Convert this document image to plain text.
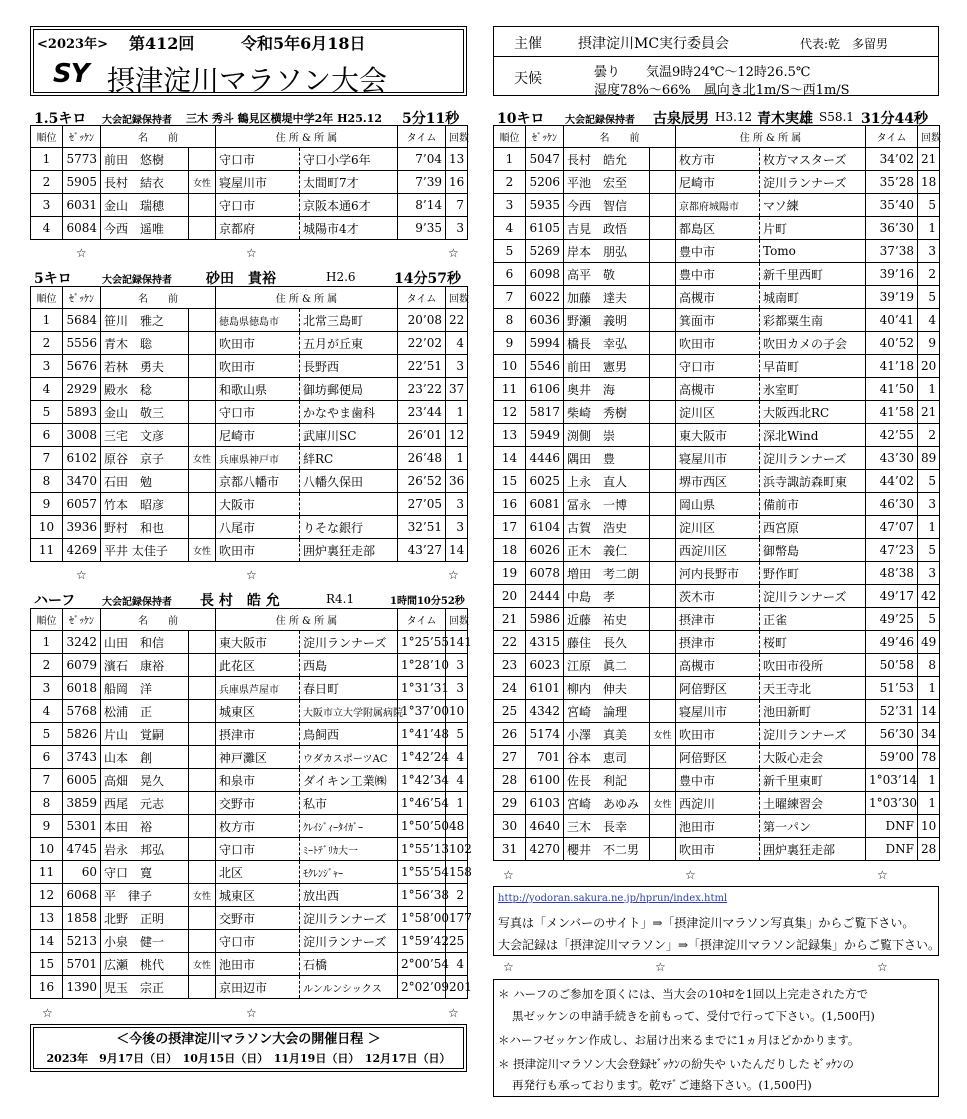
<2023年> 第412回	令和5年6月18日
SY 摂津淀川マラソン大会
1.5キロ 大会記録保持者 三木 秀斗 鶴見区横堤中学2年 H25.12 5分11秒
順位	ｾﾞｯｹﾝ	名　　前		住 所 & 所 属		タイム	回数
1	5773	前田　悠樹		守口市	守口小学6年	7’04	13
2	5905	長村　結衣	女性	寝屋川市	太間町7才	7’39	16
3	6031	金山　瑞穂		守口市	京阪本通6才	8’14	7
4	6084	今西　遥唯		京都府	城陽市4才	9’35	3
☆	☆	☆
5キロ	大会記録保持者 砂田　貴裕	H2.6	14分57秒
順位	ｾﾞｯｹﾝ	名　　前		住 所 & 所 属		タイム	回数
1	5684	笹川　雅之		徳島県徳島市	北常三島町	20’08	22
2	5556	青木　聡		吹田市	五月が丘東	22’02	4
3	5676	若林　勇夫		吹田市	長野西	22’51	3
4	2929	殿水　稔		和歌山県	御坊郵便局	23’22	37
5	5893	金山　敬三		守口市	かなやま歯科	23’44	1
6	3008	三宅　文彦		尼崎市	武庫川SC	26’01	12
7	6102	原谷　京子	女性	兵庫県神戸市	絆RC	26’48	1
8	3470	石田　勉		京都八幡市	八幡久保田	26’52	36
9	6057	竹本　昭彦		大阪市		27’05	3
10	3936	野村　和也		八尾市	りそな銀行	32’51	3
11	4269	平井 太佳子	女性	吹田市	囲炉裏狂走部	43’27	14
☆	☆	☆
ハーフ	大会記録保持者 長 村　皓 允	R4.1	1時間10分52秒
順位	ｾﾞｯｹﾝ	名　　前		住 所 & 所 属		タイム	回数
1	3242	山田　和信		東大阪市	淀川ランナーズ	1°25’55	141
2	6079	濱石　康裕		此花区	西島	1°28’10	3
3	6018	船岡　洋		兵庫県芦屋市	春日町	1°31’31	3
4	5768	松浦　正		城東区	大阪市立大学附属病院	1°37’00	10
5	5826	片山　覚嗣		摂津市	鳥飼西	1°41’48	5
6	3743	山本　創		神戸灘区	ウダカスポーツAC	1°42’24	4
7	6005	高畑　晃久		和泉市	ダイキン工業㈱	1°42’34	4
8	3859	西尾　元志		交野市	私市	1°46’54	1
9	5301	本田　裕		枚方市	ｸﾚｲｼﾞｨｰﾀｲｶﾞｰ	1°50’50	48
10	4745	岩永　邦弘		守口市	ﾐｰﾄﾃﾞﾘｶ大一	1°55’13	102
11	60	守口　寛		北区	ﾓｸﾚﾝｼﾞｬｰ	1°55’54	158
12	6068	平　律子	女性	城東区	放出西	1°56’38	2
13	1858	北野　正明		交野市	淀川ランナーズ	1°58’00	177
14	5213	小泉　健一		守口市	淀川ランナーズ	1°59’42	25
15	5701	広瀬　桃代	女性	池田市	石橋	2°00’54	4
16	1390	児玉　宗正		京田辺市	ルンルンシックス	2°02’09	201
☆	☆	☆
＜今後の摂津淀川マラソン大会の開催日程 ＞
2023年　9月17日（日）　10月15日（日）　11月19日（日）　12月17日（日）
主催	摂津淀川MC実行委員会	代表:乾　多留男
天候	曇り　　気温9時24℃～12時26.5℃
湿度78%～66%　風向き北1m/S～西1m/S
10キロ 大会記録保持者 古泉辰男 H3.12 青木実雄 S58.1 31分44秒
順位	ｾﾞｯｹﾝ	名　　前		住 所 & 所 属		タイム	回数
1	5047	長村　皓允		枚方市	枚方マスターズ	34’02	21
2	5206	平池　宏至		尼崎市	淀川ランナーズ	35’28	18
3	5935	今西　智信		京都府城陽市	マソ練	35’40	5
4	6105	吉見　政悟		都島区	片町	36’30	1
5	5269	岸本　朋弘		豊中市	Tomo	37’38	3
6	6098	高平　敬		豊中市	新千里西町	39’16	2
7	6022	加藤　達夫		高槻市	城南町	39’19	5
8	6036	野瀬　義明		箕面市	彩都粟生南	40’41	4
9	5994	橋長　幸弘		吹田市	吹田カメの子会	40’52	9
10	5546	前田　憲男		守口市	早苗町	41’18	20
11	6106	奥井　海		高槻市	氷室町	41’50	1
12	5817	柴崎　秀樹		淀川区	大阪西北RC	41’58	21
13	5949	渕側　崇		東大阪市	深北Wind	42’55	2
14	4446	隅田　豊		寝屋川市	淀川ランナーズ	43’30	89
15	6025	上永　直人		堺市西区	浜寺諏訪森町東	44’02	5
16	6081	冨永　一博		岡山県	備前市	46’30	3
17	6104	古賀　浩史		淀川区	西宮原	47’07	1
18	6026	正木　義仁		西淀川区	御幣島	47’23	5
19	6078	増田　考二朗		河内長野市	野作町	48’38	3
20	2444	中島　孝		茨木市	淀川ランナーズ	49’17	42
21	5986	近藤　祐史		摂津市	正雀	49’25	5
22	4315	藤住　長久		摂津市	桜町	49’46	49
23	6023	江原　眞二		高槻市	吹田市役所	50’58	8
24	6101	柳内　伸夫		阿倍野区	天王寺北	51’53	1
25	4342	宮崎　論理		寝屋川市	池田新町	52’31	14
26	5174	小澤　真美	女性	吹田市	淀川ランナーズ	56’30	34
27	701	谷本　恵司		阿倍野区	大阪心走会	59’00	78
28	6100	佐長　利記		豊中市	新千里東町	1°03’14	1
29	6103	宮崎　あゆみ	女性	西淀川	土曜練習会	1°03’30	1
30	4640	三木　長幸		池田市	第一パン	DNF	10
31	4270	櫻井　不二男		吹田市	囲炉裏狂走部	DNF	28
☆	☆	☆
http://yodoran.sakura.ne.jp/hprun/index.html
写真は「メンバーのサイト」⇒「摂津淀川マラソン写真集」からご覧下さい。
大会記録は「摂津淀川マラソン」⇒「摂津淀川マラソン記録集」からご覧下さい。
☆	☆	☆
＊ ハーフのご参加を頂くには、当大会の10ｷﾛを1回以上完走された方で
黒ゼッケンの申請手続きを前もって、受付で行って下さい。(1,500円)
＊ハーフゼッケン作成し、お届け出来るまでに1ヵ月ほどかかります。
＊ 摂津淀川マラソン大会登録ｾﾞｯｹﾝの紛失や いたんだりした ｾﾞｯｹﾝの
再発行も承っております。乾ﾏﾃﾞご連絡下さい。(1,500円)
